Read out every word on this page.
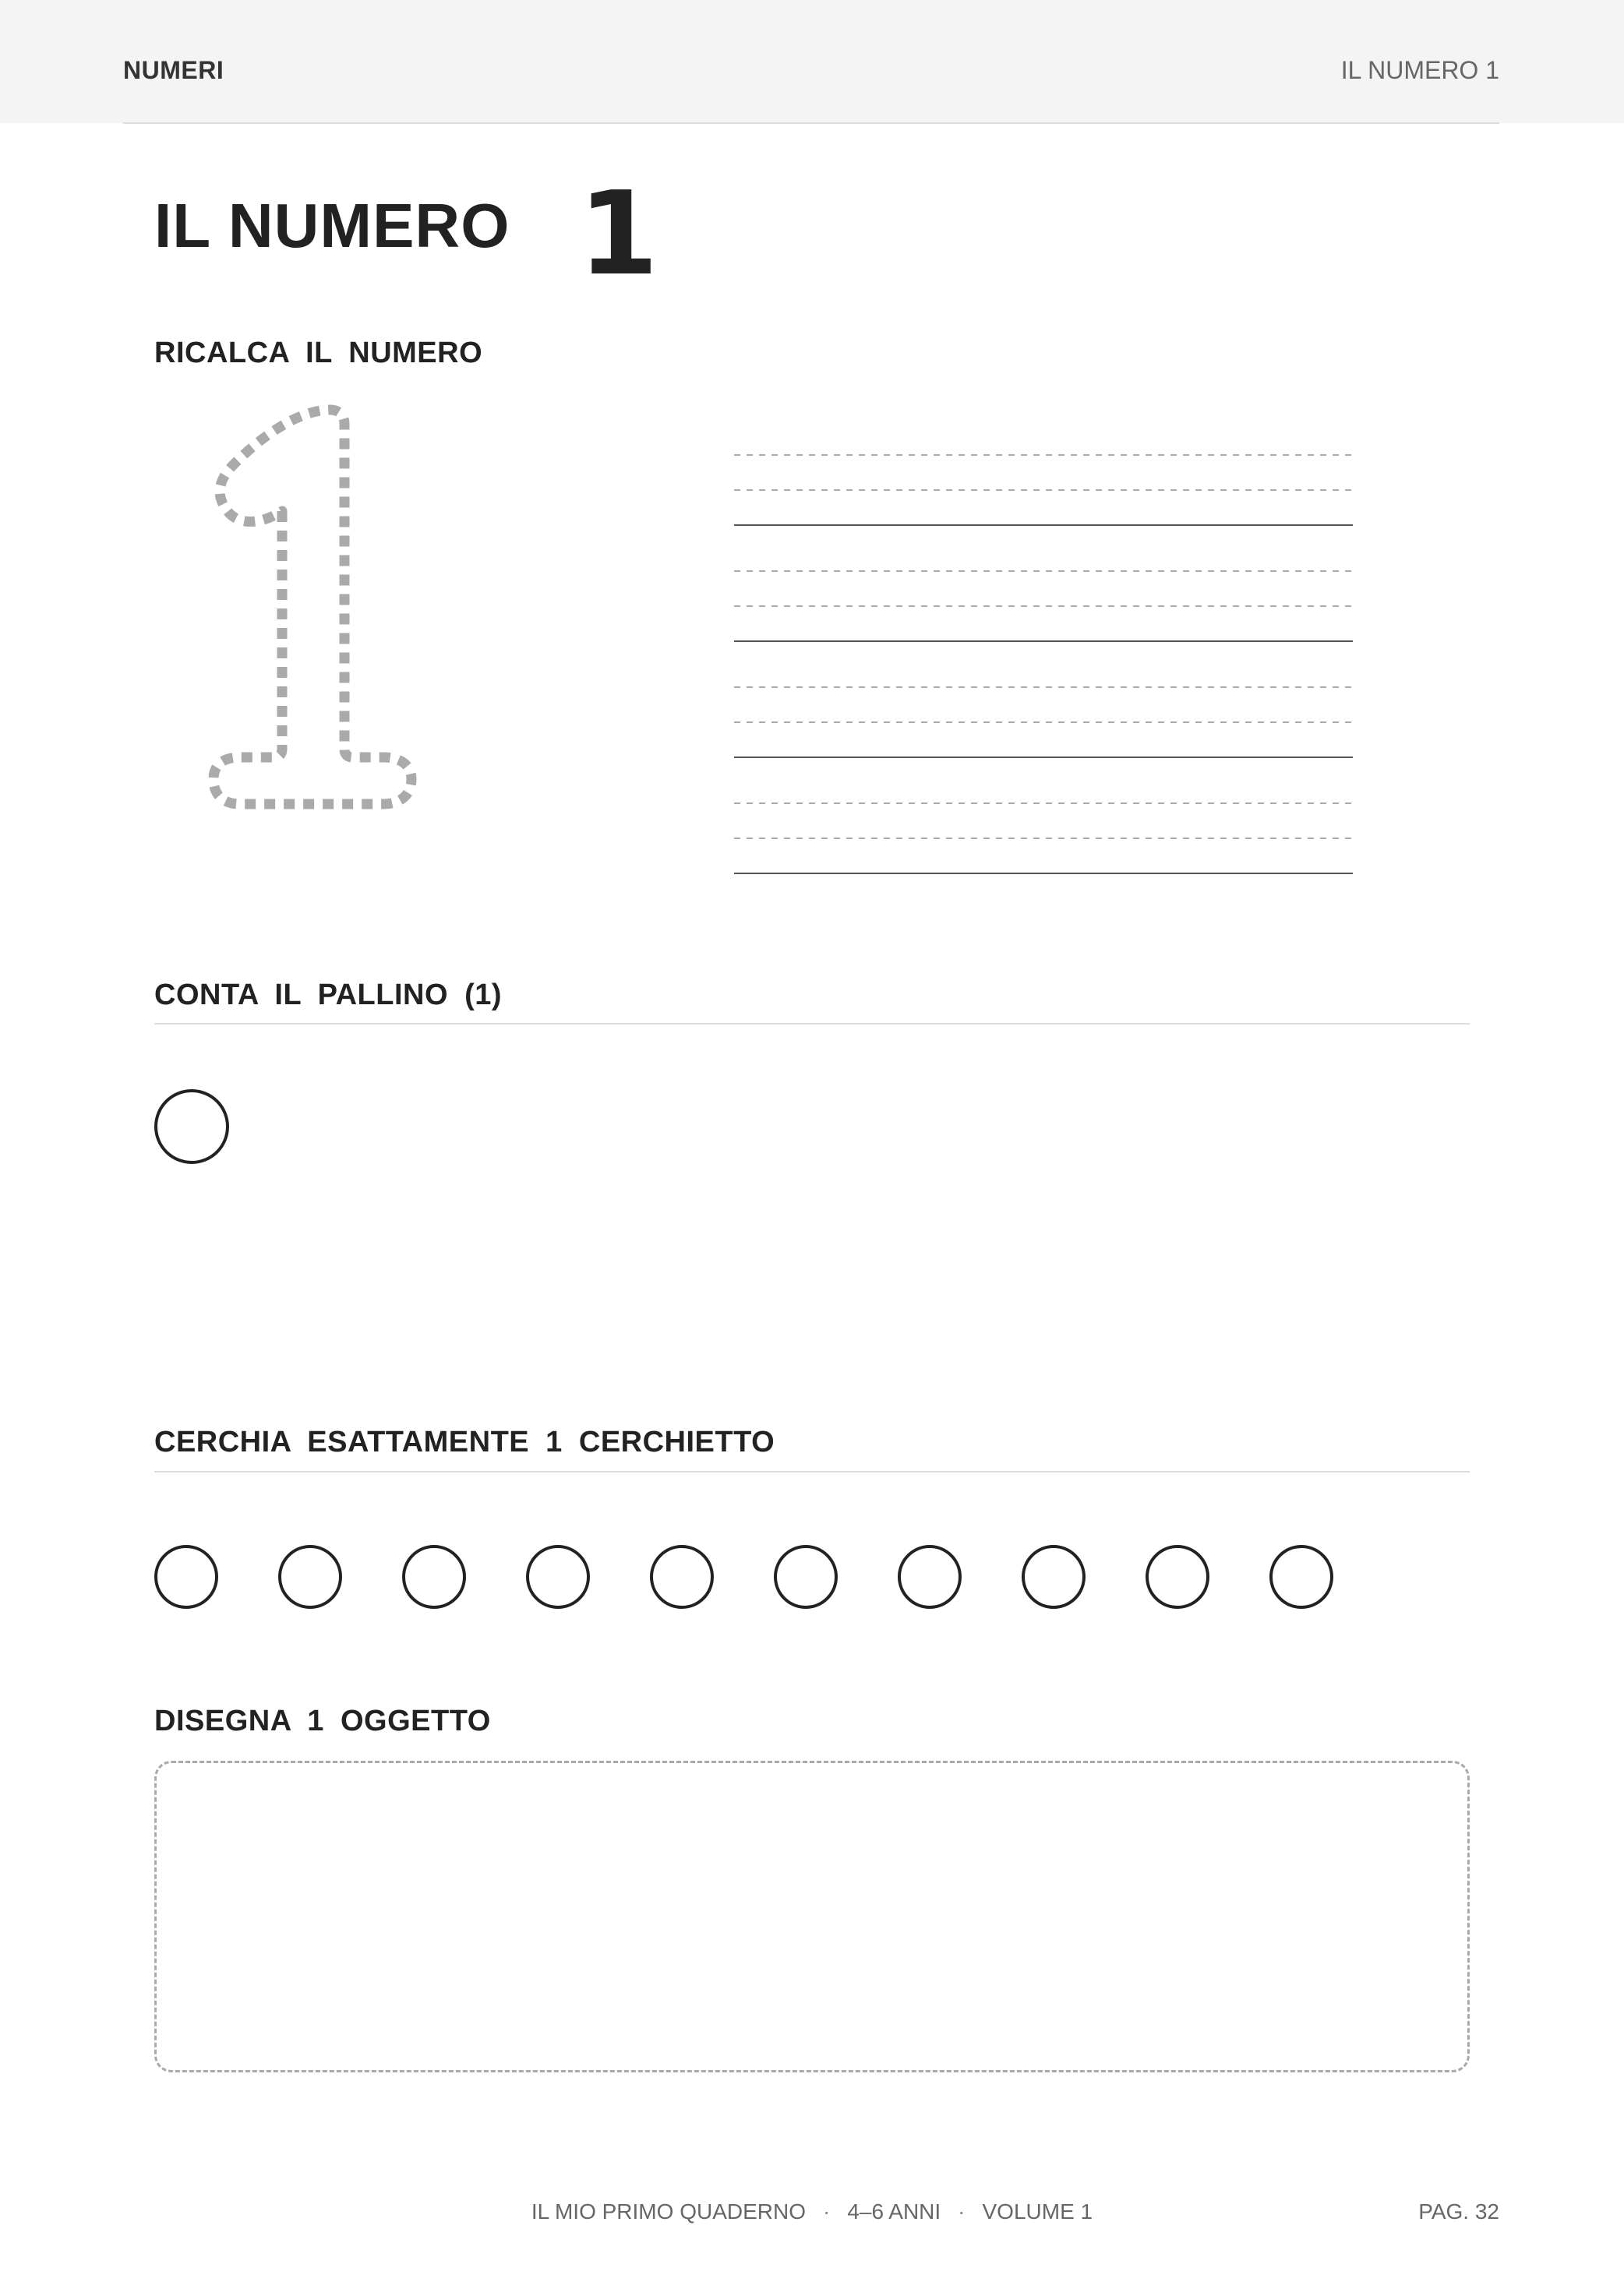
NUMERI	IL NUMERO 1
IL NUMERO 1
RICALCA IL NUMERO
CONTA IL PALLINO (1)
CERCHIA ESATTAMENTE 1 CERCHIETTO
DISEGNA 1 OGGETTO
IL MIO PRIMO QUADERNO · 4–6 ANNI · VOLUME 1	PAG. 32
